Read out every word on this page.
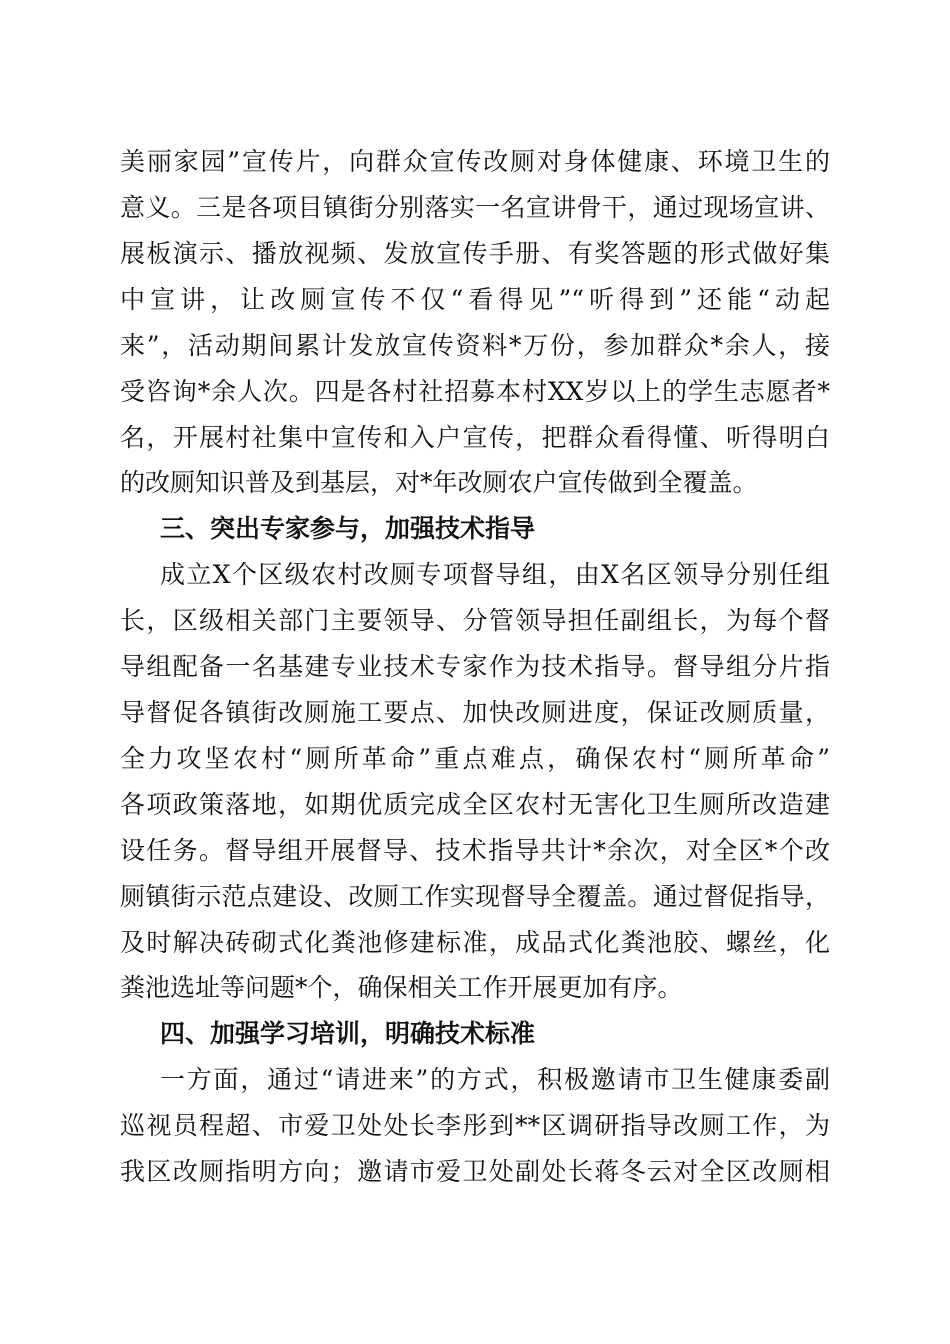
美丽家园”宣传片，向群众宣传改厕对身体健康、环境卫生的
意义。三是各项目镇街分别落实一名宣讲骨干，通过现场宣讲、
展板演示、播放视频、发放宣传手册、有奖答题的形式做好集
中宣讲，让改厕宣传不仅“看得见”“听得到”还能“动起
来”，活动期间累计发放宣传资料*万份，参加群众*余人，接
受咨询*余人次。四是各村社招募本村XX岁以上的学生志愿者*
名，开展村社集中宣传和入户宣传，把群众看得懂、听得明白
的改厕知识普及到基层，对*年改厕农户宣传做到全覆盖。
三、突出专家参与，加强技术指导
成立X个区级农村改厕专项督导组，由X名区领导分别任组
长，区级相关部门主要领导、分管领导担任副组长，为每个督
导组配备一名基建专业技术专家作为技术指导。督导组分片指
导督促各镇街改厕施工要点、加快改厕进度，保证改厕质量，
全力攻坚农村“厕所革命”重点难点，确保农村“厕所革命”
各项政策落地，如期优质完成全区农村无害化卫生厕所改造建
设任务。督导组开展督导、技术指导共计*余次，对全区*个改
厕镇街示范点建设、改厕工作实现督导全覆盖。通过督促指导，
及时解决砖砌式化粪池修建标准，成品式化粪池胶、螺丝，化
粪池选址等问题*个，确保相关工作开展更加有序。
四、加强学习培训，明确技术标准
一方面，通过“请进来”的方式，积极邀请市卫生健康委副
巡视员程超、市爱卫处处长李彤到**区调研指导改厕工作，为
我区改厕指明方向；邀请市爱卫处副处长蒋冬云对全区改厕相
